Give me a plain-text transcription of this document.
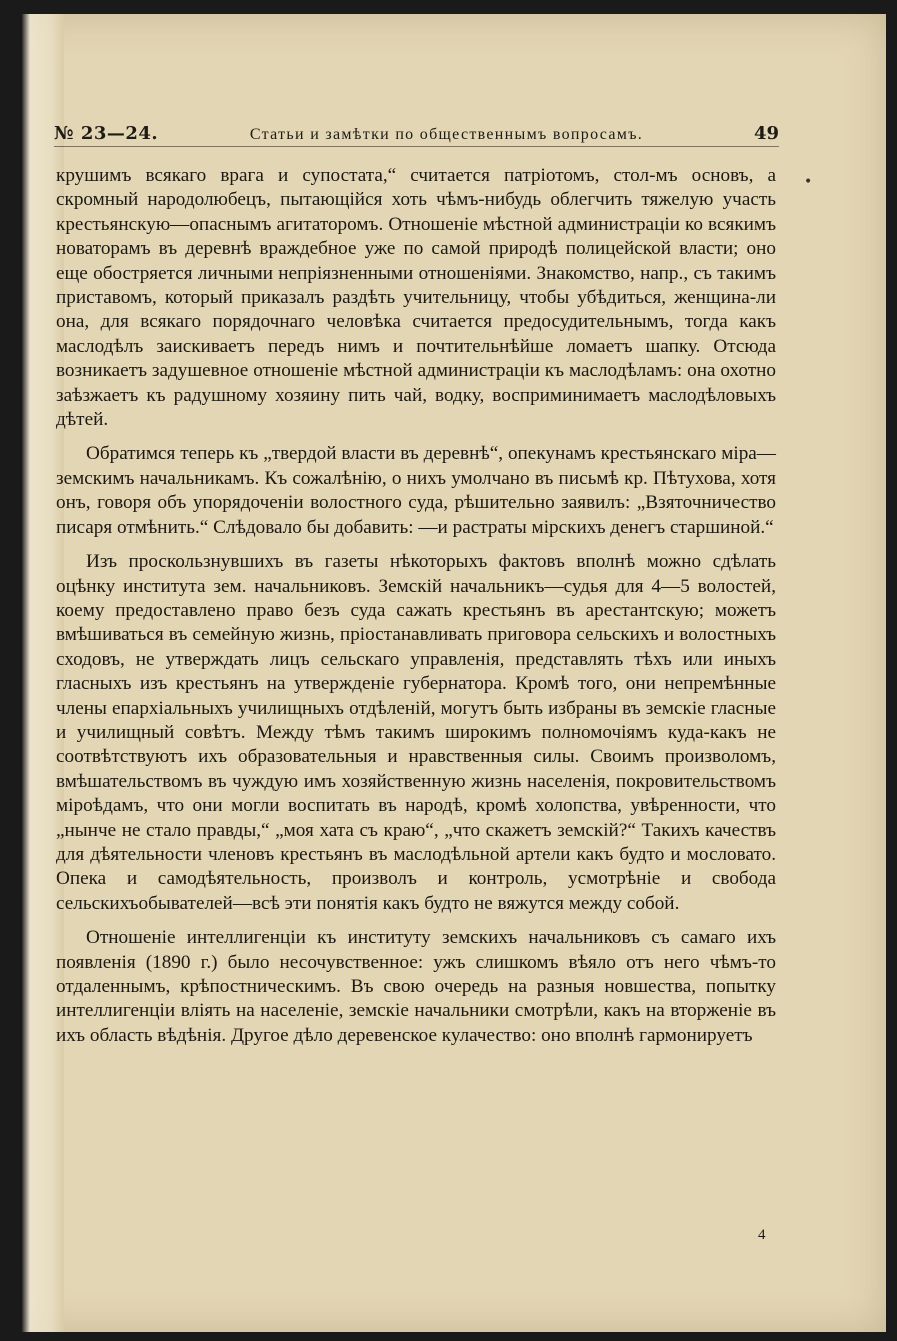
№ 23—24.	Статьи и замѣтки по общественнымъ вопросамъ.	49
•

крушимъ всякаго врага и супостата,“ считается патріотомъ, стол-мъ основъ, а скромный народолюбецъ, пытающійся хоть чѣмъ-нибудь облегчить тяжелую участь крестьянскую—опаснымъ агитаторомъ. Отношеніе мѣстной администраціи ко всякимъ новаторамъ въ деревнѣ враждебное уже по самой природѣ полицейской власти; оно еще обостряется личными непріязненными отношеніями. Знакомство, напр., съ такимъ приставомъ, который приказалъ раздѣть учительницу, чтобы убѣдиться, женщина-ли она, для всякаго порядочнаго человѣка считается предосудительнымъ, тогда какъ маслодѣлъ заискиваетъ передъ нимъ и почтительнѣйше ломаетъ шапку. Отсюда возникаетъ задушевное отношеніе мѣстной администраціи къ маслодѣламъ: она охотно заѣзжаетъ къ радушному хозяину пить чай, водку, восприминимаетъ маслодѣловыхъ дѣтей.

Обратимся теперь къ „твердой власти въ деревнѣ“, опекунамъ крестьянскаго міра—земскимъ начальникамъ. Къ сожалѣнію, о нихъ умолчано въ письмѣ кр. Пѣтухова, хотя онъ, говоря объ упорядоченіи волостного суда, рѣшительно заявилъ: „Взяточничество писаря отмѣнить.“ Слѣдовало бы добавить: —и растраты мірскихъ денегъ старшиной.“

Изъ проскользнувшихъ въ газеты нѣкоторыхъ фактовъ вполнѣ можно сдѣлать оцѣнку института зем. начальниковъ. Земскій начальникъ—судья для 4—5 волостей, коему предоставлено право безъ суда сажать крестьянъ въ арестантскую; можетъ вмѣшиваться въ семейную жизнь, пріостанавливать приговора сельскихъ и волостныхъ сходовъ, не утверждать лицъ сельскаго управленія, представлять тѣхъ или иныхъ гласныхъ изъ крестьянъ на утвержденіе губернатора. Кромѣ того, они непремѣнные члены епархіальныхъ училищныхъ отдѣленій, могутъ быть избраны въ земскіе гласные и училищный совѣтъ. Между тѣмъ такимъ широкимъ полномочіямъ куда-какъ не соотвѣтствуютъ ихъ образовательныя и нравственныя силы. Своимъ произволомъ, вмѣшательствомъ въ чуждую имъ хозяйственную жизнь населенія, покровительствомъ мірoѣдамъ, что они могли воспитать въ народѣ, кромѣ холопства, увѣренности, что „нынче не стало правды,“ „моя хата съ краю“, „что скажетъ земскій?“ Такихъ качествъ для дѣятельности членовъ крестьянъ въ маслодѣльной артели какъ будто и мословато. Опека и самодѣятельность, произволъ и контроль, усмотрѣніе и свобода сельскихъобывателей—всѣ эти понятія какъ будто не вяжутся между собой.

Отношеніе интеллигенціи къ институту земскихъ начальниковъ съ самаго ихъ появленія (1890 г.) было несочувственное: ужъ слишкомъ вѣяло отъ него чѣмъ-то отдаленнымъ, крѣпостническимъ. Въ свою очередь на разныя новшества, попытку интеллигенціи вліять на населеніе, земскіе начальники смотрѣли, какъ на вторженіе въ ихъ область вѣдѣнія. Другое дѣло деревенское кулачество: оно вполнѣ гармонируетъ

4
